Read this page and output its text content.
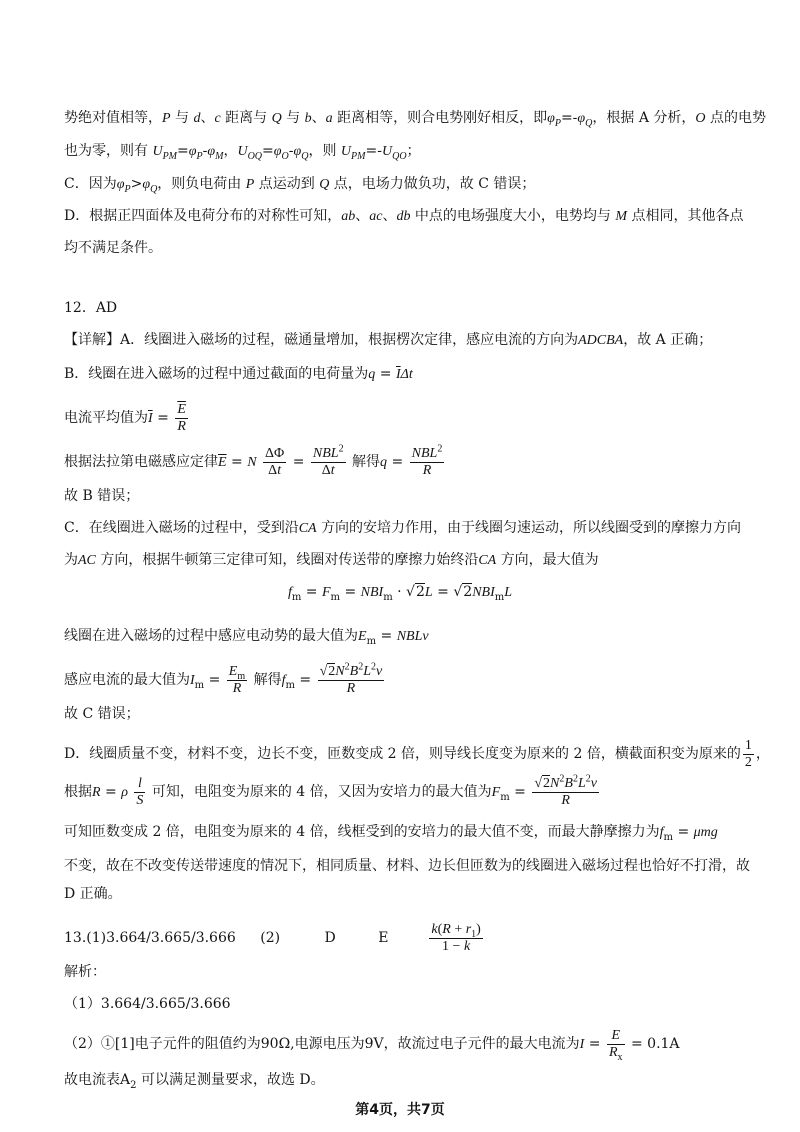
势绝对值相等，P 与 d、c 距离与 Q 与 b、a 距离相等，则合电势刚好相反，即$\varphi_P=-\varphi_Q$，根据 A 分析，O 点的电势
也为零，则有 $U_{PM}=\varphi_P-\varphi_M$，$U_{OQ}=\varphi_O-\varphi_Q$，则 $U_{PM}=-U_{QO}$；
C．因为$\varphi_P>\varphi_Q$，则负电荷由 P 点运动到 Q 点，电场力做负功，故 C 错误；
D．根据正四面体及电荷分布的对称性可知，ab、ac、db 中点的电场强度大小，电势均与 M 点相同，其他各点
均不满足条件。
12．AD
【详解】A．线圈进入磁场的过程，磁通量增加，根据楞次定律，感应电流的方向为ADCBA，故 A 正确；
B．线圈在进入磁场的过程中通过截面的电荷量为$q = \overline{I}\Delta t$
电流平均值为$\overline{I} = \frac{\overline{E}}{R}$
根据法拉第电磁感应定律$\overline{E} = N \frac{\Delta\Phi}{\Delta t} = \frac{NBL^2}{\Delta t}$ 解得$q = \frac{NBL^2}{R}$
故 B 错误；
C．在线圈进入磁场的过程中，受到沿CA 方向的安培力作用，由于线圈匀速运动，所以线圈受到的摩擦力方向
为AC 方向，根据牛顿第三定律可知，线圈对传送带的摩擦力始终沿CA 方向，最大值为
$f_m = F_m = NBI_m \cdot √2L = √2NBI_mL$
线圈在进入磁场的过程中感应电动势的最大值为$E_m$ = NBLv
感应电流的最大值为$I_m = \frac{E_m}{R}$ 解得$f_m = \frac{√2N^2B^2L^2v}{R}$
故 C 错误；
D．线圈质量不变，材料不变，边长不变，匝数变成 2 倍，则导线长度变为原来的 2 倍，横截面积变为原来的 $\frac{1}{2}$ ，
根据R = ρ $\frac{l}{S}$ 可知，电阻变为原来的 4 倍，又因为安培力的最大值为$F_m = \frac{√2N^2B^2L^2v}{R}$
可知匝数变成 2 倍，电阻变为原来的 4 倍，线框受到的安培力的最大值不变，而最大静摩擦力为$f_m = \mu mg$
不变，故在不改变传送带速度的情况下，相同质量、材料、边长但匝数为的线圈进入磁场过程也恰好不打滑，故
D 正确。
13.(1)3.664/3.665/3.666 (2)	D	E	$\frac{k(R + r_1)}{1 - k}$
解析：
（1）3.664/3.665/3.666
（2）①[1]电子元件的阻值约为90Ω,电源电压为9V，故流过电子元件的最大电流为$I = \frac{E}{R_x} = 0.1A$
故电流表$A_2$ 可以满足测量要求，故选 D。
第4页，共7页
